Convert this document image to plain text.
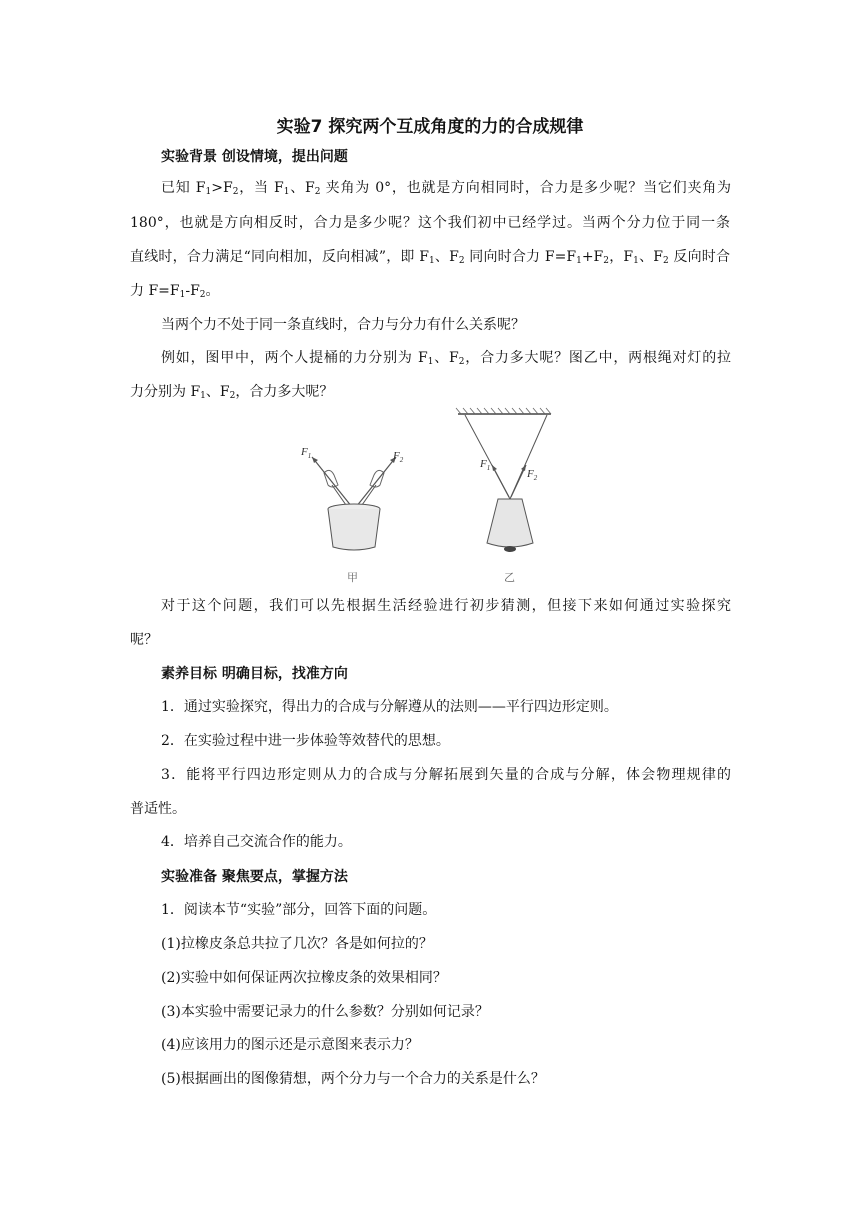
实验7 探究两个互成角度的力的合成规律
实验背景 创设情境，提出问题
已知 $F_1>F_2$，当 $F_1$、$F_2$ 夹角为 0°，也就是方向相同时，合力是多少呢？当它们夹角为
180°，也就是方向相反时，合力是多少呢？这个我们初中已经学过。当两个分力位于同一条
直线时，合力满足“同向相加，反向相减”，即 $F_1$、$F_2$ 同向时合力 $F=F_1+F_2$，$F_1$、$F_2$ 反向时合
力 $F=F_1-F_2$。
当两个力不处于同一条直线时，合力与分力有什么关系呢？
例如，图甲中，两个人提桶的力分别为 $F_1$、$F_2$，合力多大呢？图乙中，两根绳对灯的拉
力分别为 $F_1$、$F_2$，合力多大呢？
$F_1$	$F_2$
甲
$F_1$	$F_2$
乙
对于这个问题，我们可以先根据生活经验进行初步猜测，但接下来如何通过实验探究
呢？
素养目标 明确目标，找准方向
1．通过实验探究，得出力的合成与分解遵从的法则——平行四边形定则。
2．在实验过程中进一步体验等效替代的思想。
3．能将平行四边形定则从力的合成与分解拓展到矢量的合成与分解，体会物理规律的
普适性。
4．培养自己交流合作的能力。
实验准备 聚焦要点，掌握方法
1．阅读本节“实验”部分，回答下面的问题。
(1)拉橡皮条总共拉了几次？各是如何拉的？
(2)实验中如何保证两次拉橡皮条的效果相同？
(3)本实验中需要记录力的什么参数？分别如何记录？
(4)应该用力的图示还是示意图来表示力？
(5)根据画出的图像猜想，两个分力与一个合力的关系是什么？
